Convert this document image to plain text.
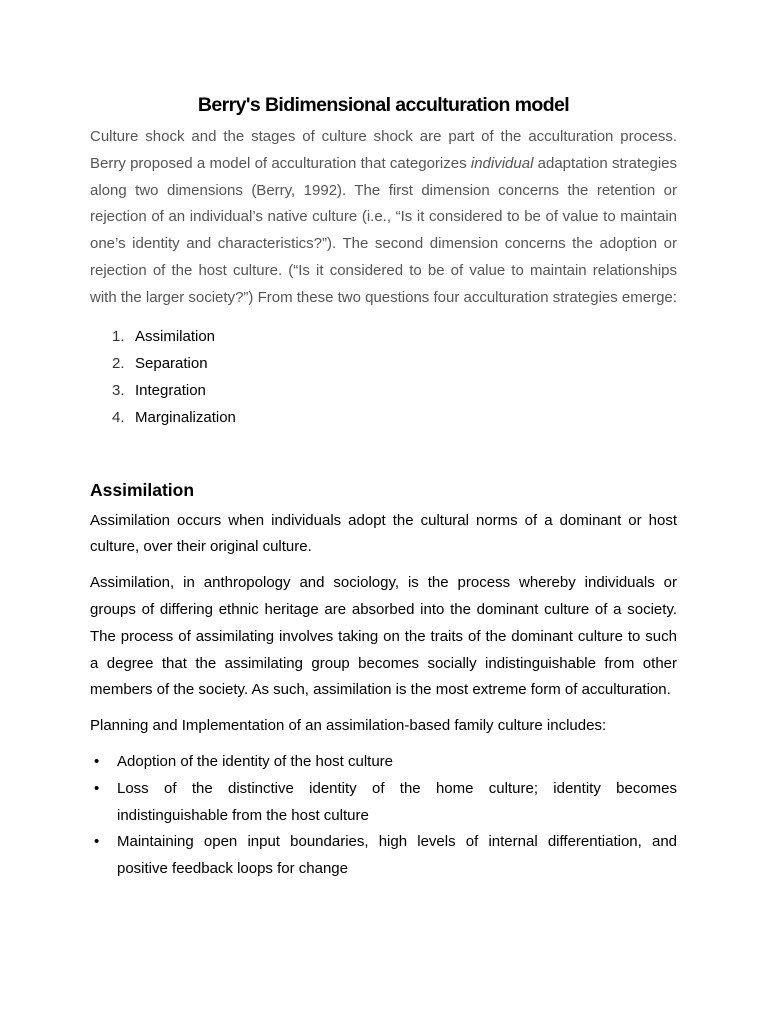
Berry's Bidimensional acculturation model

Culture shock and the stages of culture shock are part of the acculturation process. Berry proposed a model of acculturation that categorizes individual adaptation strategies along two dimensions (Berry, 1992). The first dimension concerns the retention or rejection of an individual’s native culture (i.e., “Is it considered to be of value to maintain one’s identity and characteristics?”). The second dimension concerns the adoption or rejection of the host culture. (“Is it considered to be of value to maintain relationships with the larger society?”) From these two questions four acculturation strategies emerge:

1. Assimilation
2. Separation
3. Integration
4. Marginalization
Assimilation

Assimilation occurs when individuals adopt the cultural norms of a dominant or host culture, over their original culture.

Assimilation, in anthropology and sociology, is the process whereby individuals or groups of differing ethnic heritage are absorbed into the dominant culture of a society. The process of assimilating involves taking on the traits of the dominant culture to such a degree that the assimilating group becomes socially indistinguishable from other members of the society. As such, assimilation is the most extreme form of acculturation.

Planning and Implementation of an assimilation-based family culture includes:

• Adoption of the identity of the host culture
• Loss of the distinctive identity of the home culture; identity becomes indistinguishable from the host culture
• Maintaining open input boundaries, high levels of internal differentiation, and positive feedback loops for change
